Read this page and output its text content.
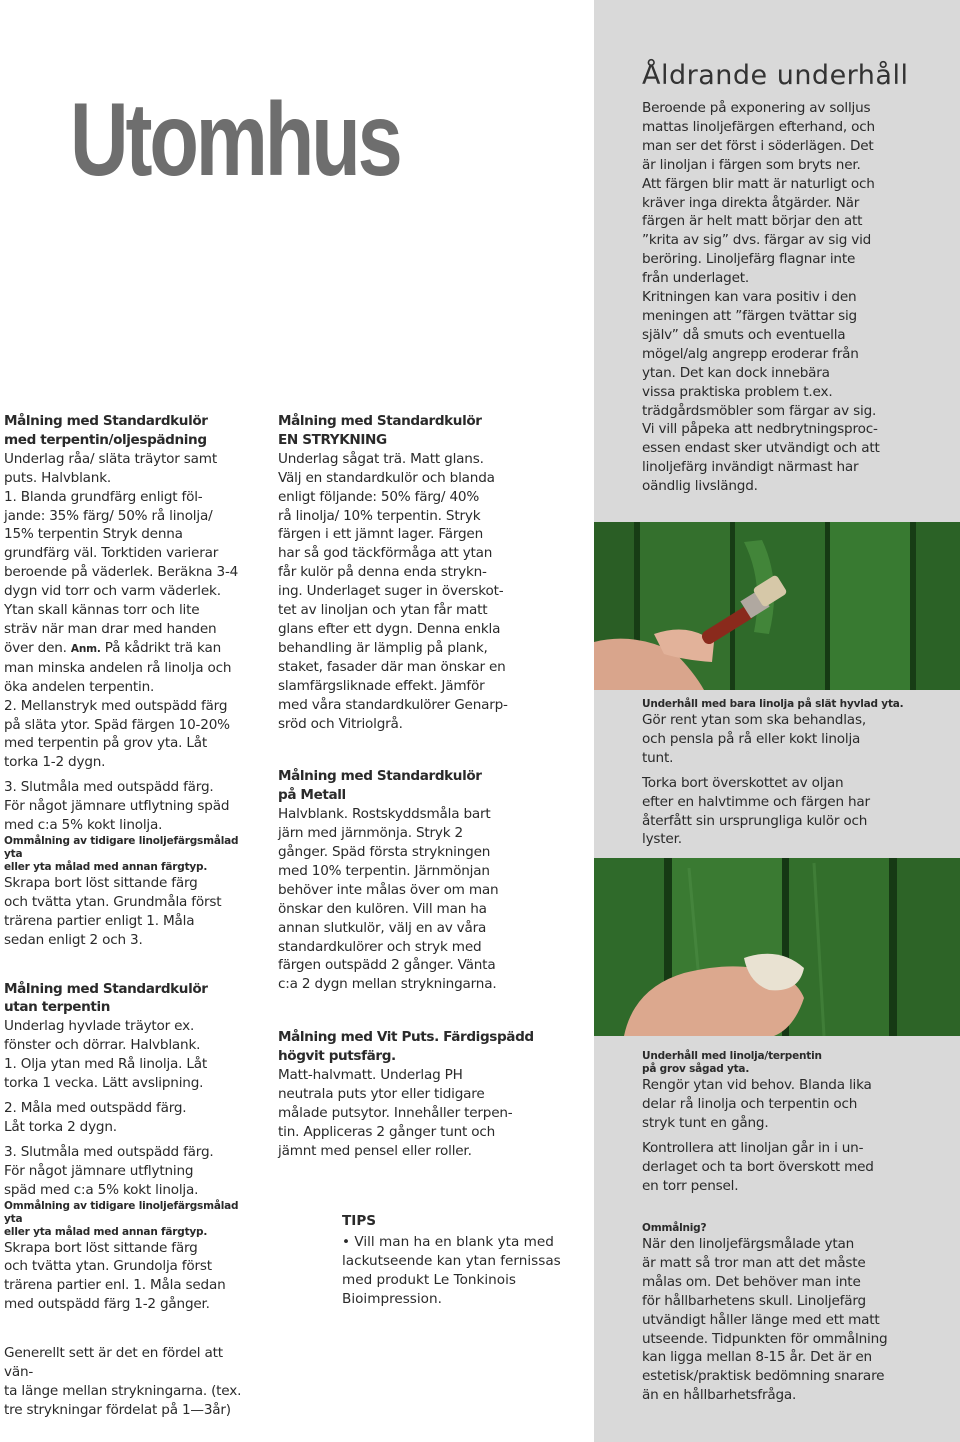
Utomhus

Målning med Standardkulör

med terpentin/oljespädning

Underlag råa/ släta träytor samt

puts. Halvblank.

1. Blanda grundfärg enligt föl-

jande: 35% färg/ 50% rå linolja/

15% terpentin Stryk denna

grundfärg väl. Torktiden varierar

beroende på väderlek. Beräkna 3-4

dygn vid torr och varm väderlek.

Ytan skall kännas torr och lite

sträv när man drar med handen

över den. Anm. På kådrikt trä kan

man minska andelen rå linolja och

öka andelen terpentin.

2. Mellanstryk med outspädd färg

på släta ytor. Späd färgen 10-20%

med terpentin på grov yta. Låt

torka 1-2 dygn.

3. Slutmåla med outspädd färg.

För något jämnare utflytning späd

med c:a 5% kokt linolja.

Ommålning av tidigare linoljefärgsmålad yta

eller yta målad med annan färgtyp.

Skrapa bort löst sittande färg

och tvätta ytan. Grundmåla först

trärena partier enligt 1. Måla

sedan enligt 2 och 3.

Målning med Standardkulör

utan terpentin

Underlag hyvlade träytor ex.

fönster och dörrar. Halvblank.

1. Olja ytan med Rå linolja. Låt

torka 1 vecka. Lätt avslipning.

2. Måla med outspädd färg.

Låt torka 2 dygn.

3. Slutmåla med outspädd färg.

För något jämnare utflytning

späd med c:a 5% kokt linolja.

Ommålning av tidigare linoljefärgsmålad yta

eller yta målad med annan färgtyp.

Skrapa bort löst sittande färg

och tvätta ytan. Grundolja först

trärena partier enl. 1. Måla sedan

med outspädd färg 1-2 gånger.

Generellt sett är det en fördel att vän-

ta länge mellan strykningarna. (tex.

tre strykningar fördelat på 1—3år)

Målning med Standardkulör

EN STRYKNING

Underlag sågat trä. Matt glans.

Välj en standardkulör och blanda

enligt följande: 50% färg/ 40%

rå linolja/ 10% terpentin. Stryk

färgen i ett jämnt lager. Färgen

har så god täckförmåga att ytan

får kulör på denna enda strykn-

ing. Underlaget suger in överskot-

tet av linoljan och ytan får matt

glans efter ett dygn. Denna enkla

behandling är lämplig på plank,

staket, fasader där man önskar en

slamfärgsliknade effekt. Jämför

med våra standardkulörer Genarp-

sröd och Vitriolgrå.

Målning med Standardkulör

på Metall

Halvblank. Rostskyddsmåla bart

järn med järnmönja. Stryk 2

gånger. Späd första strykningen

med 10% terpentin. Järnmönjan

behöver inte målas över om man

önskar den kulören. Vill man ha

annan slutkulör, välj en av våra

standardkulörer och stryk med

färgen outspädd 2 gånger. Vänta

c:a 2 dygn mellan strykningarna.

Målning med Vit Puts. Färdigspädd

högvit putsfärg.

Matt-halvmatt. Underlag PH

neutrala puts ytor eller tidigare

målade putsytor. Innehåller terpen-

tin. Appliceras 2 gånger tunt och

jämnt med pensel eller roller.

TIPS

• Vill man ha en blank yta med

lackutseende kan ytan fernissas

med produkt Le Tonkinois

Bioimpression.

Åldrande underhåll

Beroende på exponering av solljus

mattas linoljefärgen efterhand, och

man ser det först i söderlägen. Det

är linoljan i färgen som bryts ner.

Att färgen blir matt är naturligt och

kräver inga direkta åtgärder. När

färgen är helt matt börjar den att

”krita av sig” dvs. färgar av sig vid

beröring. Linoljefärg flagnar inte

från underlaget.

Kritningen kan vara positiv i den

meningen att ”färgen tvättar sig

själv” då smuts och eventuella

mögel/alg angrepp eroderar från

ytan. Det kan dock innebära

vissa praktiska problem t.ex.

trädgårdsmöbler som färgar av sig.

Vi vill påpeka att nedbrytningsproc-

essen endast sker utvändigt och att

linoljefärg invändigt närmast har

oändlig livslängd.

Underhåll med bara linolja på slät hyvlad yta.

Gör rent ytan som ska behandlas,

och pensla på rå eller kokt linolja

tunt.

Torka bort överskottet av oljan

efter en halvtimme och färgen har

återfått sin ursprungliga kulör och

lyster.

Underhåll med linolja/terpentin

på grov sågad yta.

Rengör ytan vid behov. Blanda lika

delar rå linolja och terpentin och

stryk tunt en gång.

Kontrollera att linoljan går in i un-

derlaget och ta bort överskott med

en torr pensel.

Ommålnig?

När den linoljefärgsmålade ytan

är matt så tror man att det måste

målas om. Det behöver man inte

för hållbarhetens skull. Linoljefärg

utvändigt håller länge med ett matt

utseende. Tidpunkten för ommålning

kan ligga mellan 8-15 år. Det är en

estetisk/praktisk bedömning snarare

än en hållbarhetsfråga.
